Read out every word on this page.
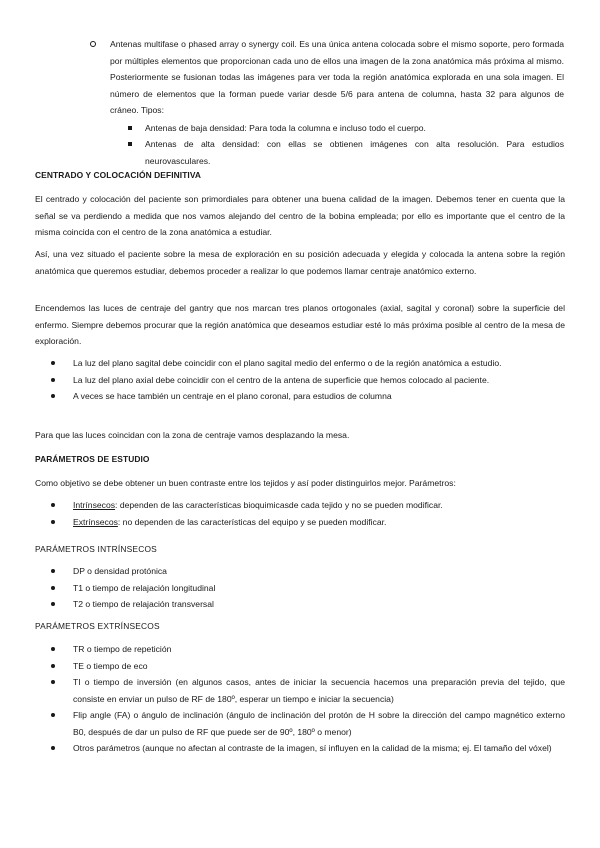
Antenas multifase o phased array o synergy coil. Es una única antena colocada sobre el mismo soporte, pero formada por múltiples elementos que proporcionan cada uno de ellos una imagen de la zona anatómica más próxima al mismo. Posteriormente se fusionan todas las imágenes para ver toda la región anatómica explorada en una sola imagen. El número de elementos que la forman puede variar desde 5/6 para antena de columna, hasta 32 para algunos de cráneo. Tipos:
Antenas de baja densidad: Para toda la columna e incluso todo el cuerpo.
Antenas de alta densidad: con ellas se obtienen imágenes con alta resolución. Para estudios neurovasculares.
CENTRADO Y COLOCACIÓN DEFINITIVA

El centrado y colocación del paciente son primordiales para obtener una buena calidad de la imagen. Debemos tener en cuenta que la señal se va perdiendo a medida que nos vamos alejando del centro de la bobina empleada; por ello es importante que el centro de la misma coincida con el centro de la zona anatómica a estudiar.

Así, una vez situado el paciente sobre la mesa de exploración en su posición adecuada y elegida y colocada la antena sobre la región anatómica que queremos estudiar, debemos proceder a realizar lo que podemos llamar centraje anatómico externo.

Encendemos las luces de centraje del gantry que nos marcan tres planos ortogonales (axial, sagital y coronal) sobre la superficie del enfermo. Siempre debemos procurar que la región anatómica que deseamos estudiar esté lo más próxima posible al centro de la mesa de exploración.

La luz del plano sagital debe coincidir con el plano sagital medio del enfermo o de la región anatómica a estudio.
La luz del plano axial debe coincidir con el centro de la antena de superficie que hemos colocado al paciente.
A veces se hace también un centraje en el plano coronal, para estudios de columna

Para que las luces coincidan con la zona de centraje vamos desplazando la mesa.

PARÁMETROS DE ESTUDIO

Como objetivo se debe obtener un buen contraste entre los tejidos y así poder distinguirlos mejor. Parámetros:

Intrínsecos: dependen de las características bioquimicasde cada tejido y no se pueden modificar.
Extrínsecos: no dependen de las características del equipo y se pueden modificar.
PARÁMETROS INTRÍNSECOS
DP o densidad protónica
T1 o tiempo de relajación longitudinal
T2 o tiempo de relajación transversal
PARÁMETROS EXTRÍNSECOS
TR o tiempo de repetición
TE o tiempo de eco
TI o tiempo de inversión (en algunos casos, antes de iniciar la secuencia hacemos una preparación previa del tejido, que consiste en enviar un pulso de RF de 180º, esperar un tiempo e iniciar la secuencia)
Flip angle (FA) o ángulo de inclinación (ángulo de inclinación del protón de H sobre la dirección del campo magnético externo B0, después de dar un pulso de RF que puede ser de 90º, 180º o menor)
Otros parámetros (aunque no afectan al contraste de la imagen, sí influyen en la calidad de la misma; ej. El tamaño del vóxel)
